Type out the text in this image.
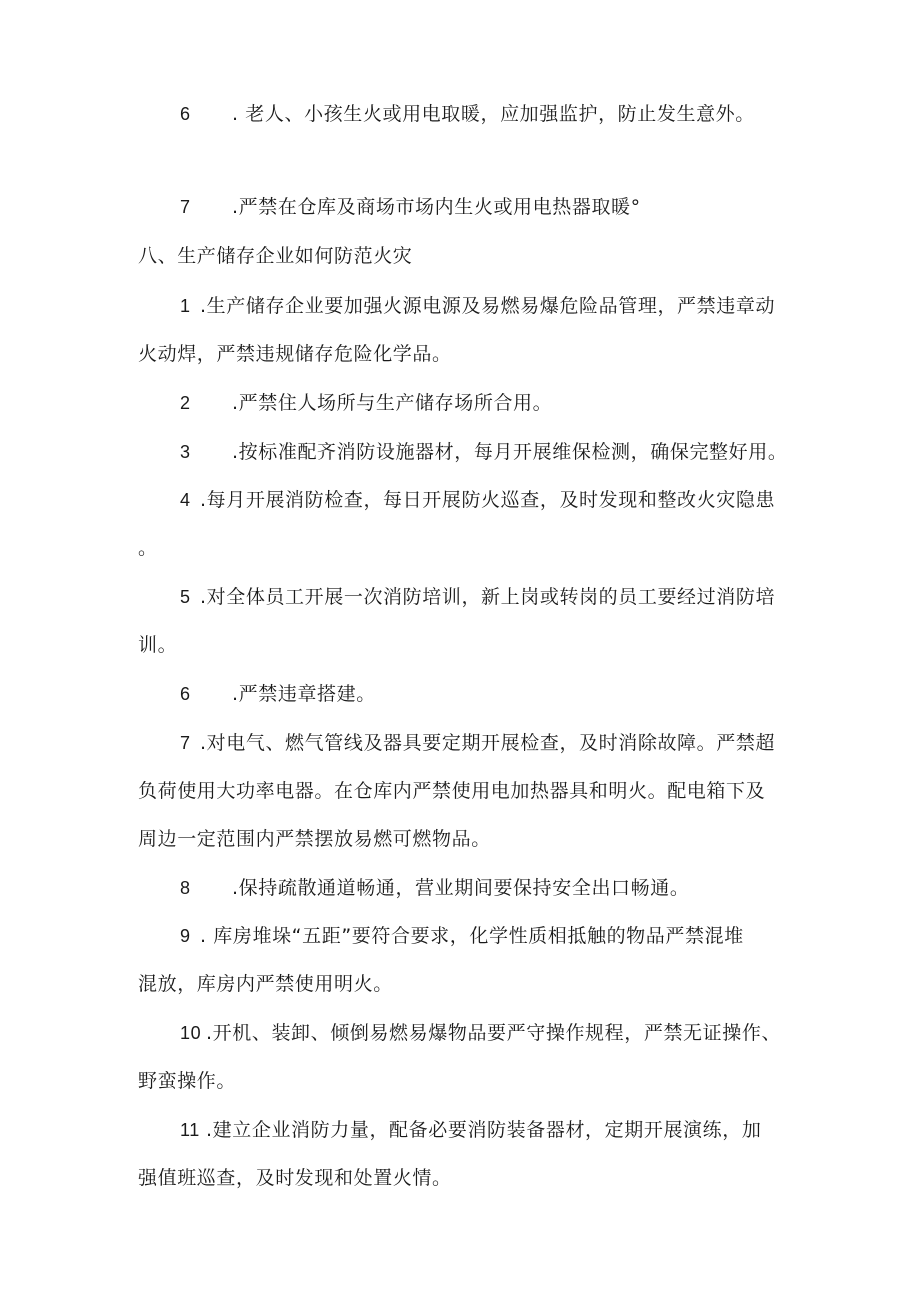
6 . 老人、小孩生火或用电取暖，应加强监护，防止发生意外。
7 .严禁在仓库及商场市场内生火或用电热器取暖°
八、生产储存企业如何防范火灾
1 .生产储存企业要加强火源电源及易燃易爆危险品管理，严禁违章动
火动焊，严禁违规储存危险化学品。
2 .严禁住人场所与生产储存场所合用。
3 .按标准配齐消防设施器材，每月开展维保检测，确保完整好用。
4 .每月开展消防检查，每日开展防火巡查，及时发现和整改火灾隐患
。
5 .对全体员工开展一次消防培训，新上岗或转岗的员工要经过消防培
训。
6 .严禁违章搭建。
7 .对电气、燃气管线及器具要定期开展检查，及时消除故障。严禁超
负荷使用大功率电器。在仓库内严禁使用电加热器具和明火。配电箱下及
周边一定范围内严禁摆放易燃可燃物品。
8 .保持疏散通道畅通，营业期间要保持安全出口畅通。
9 . 库房堆垛“五距”要符合要求，化学性质相抵触的物品严禁混堆
混放，库房内严禁使用明火。
10 .开机、装卸、倾倒易燃易爆物品要严守操作规程，严禁无证操作、
野蛮操作。
11 .建立企业消防力量，配备必要消防装备器材，定期开展演练，加
强值班巡查，及时发现和处置火情。
